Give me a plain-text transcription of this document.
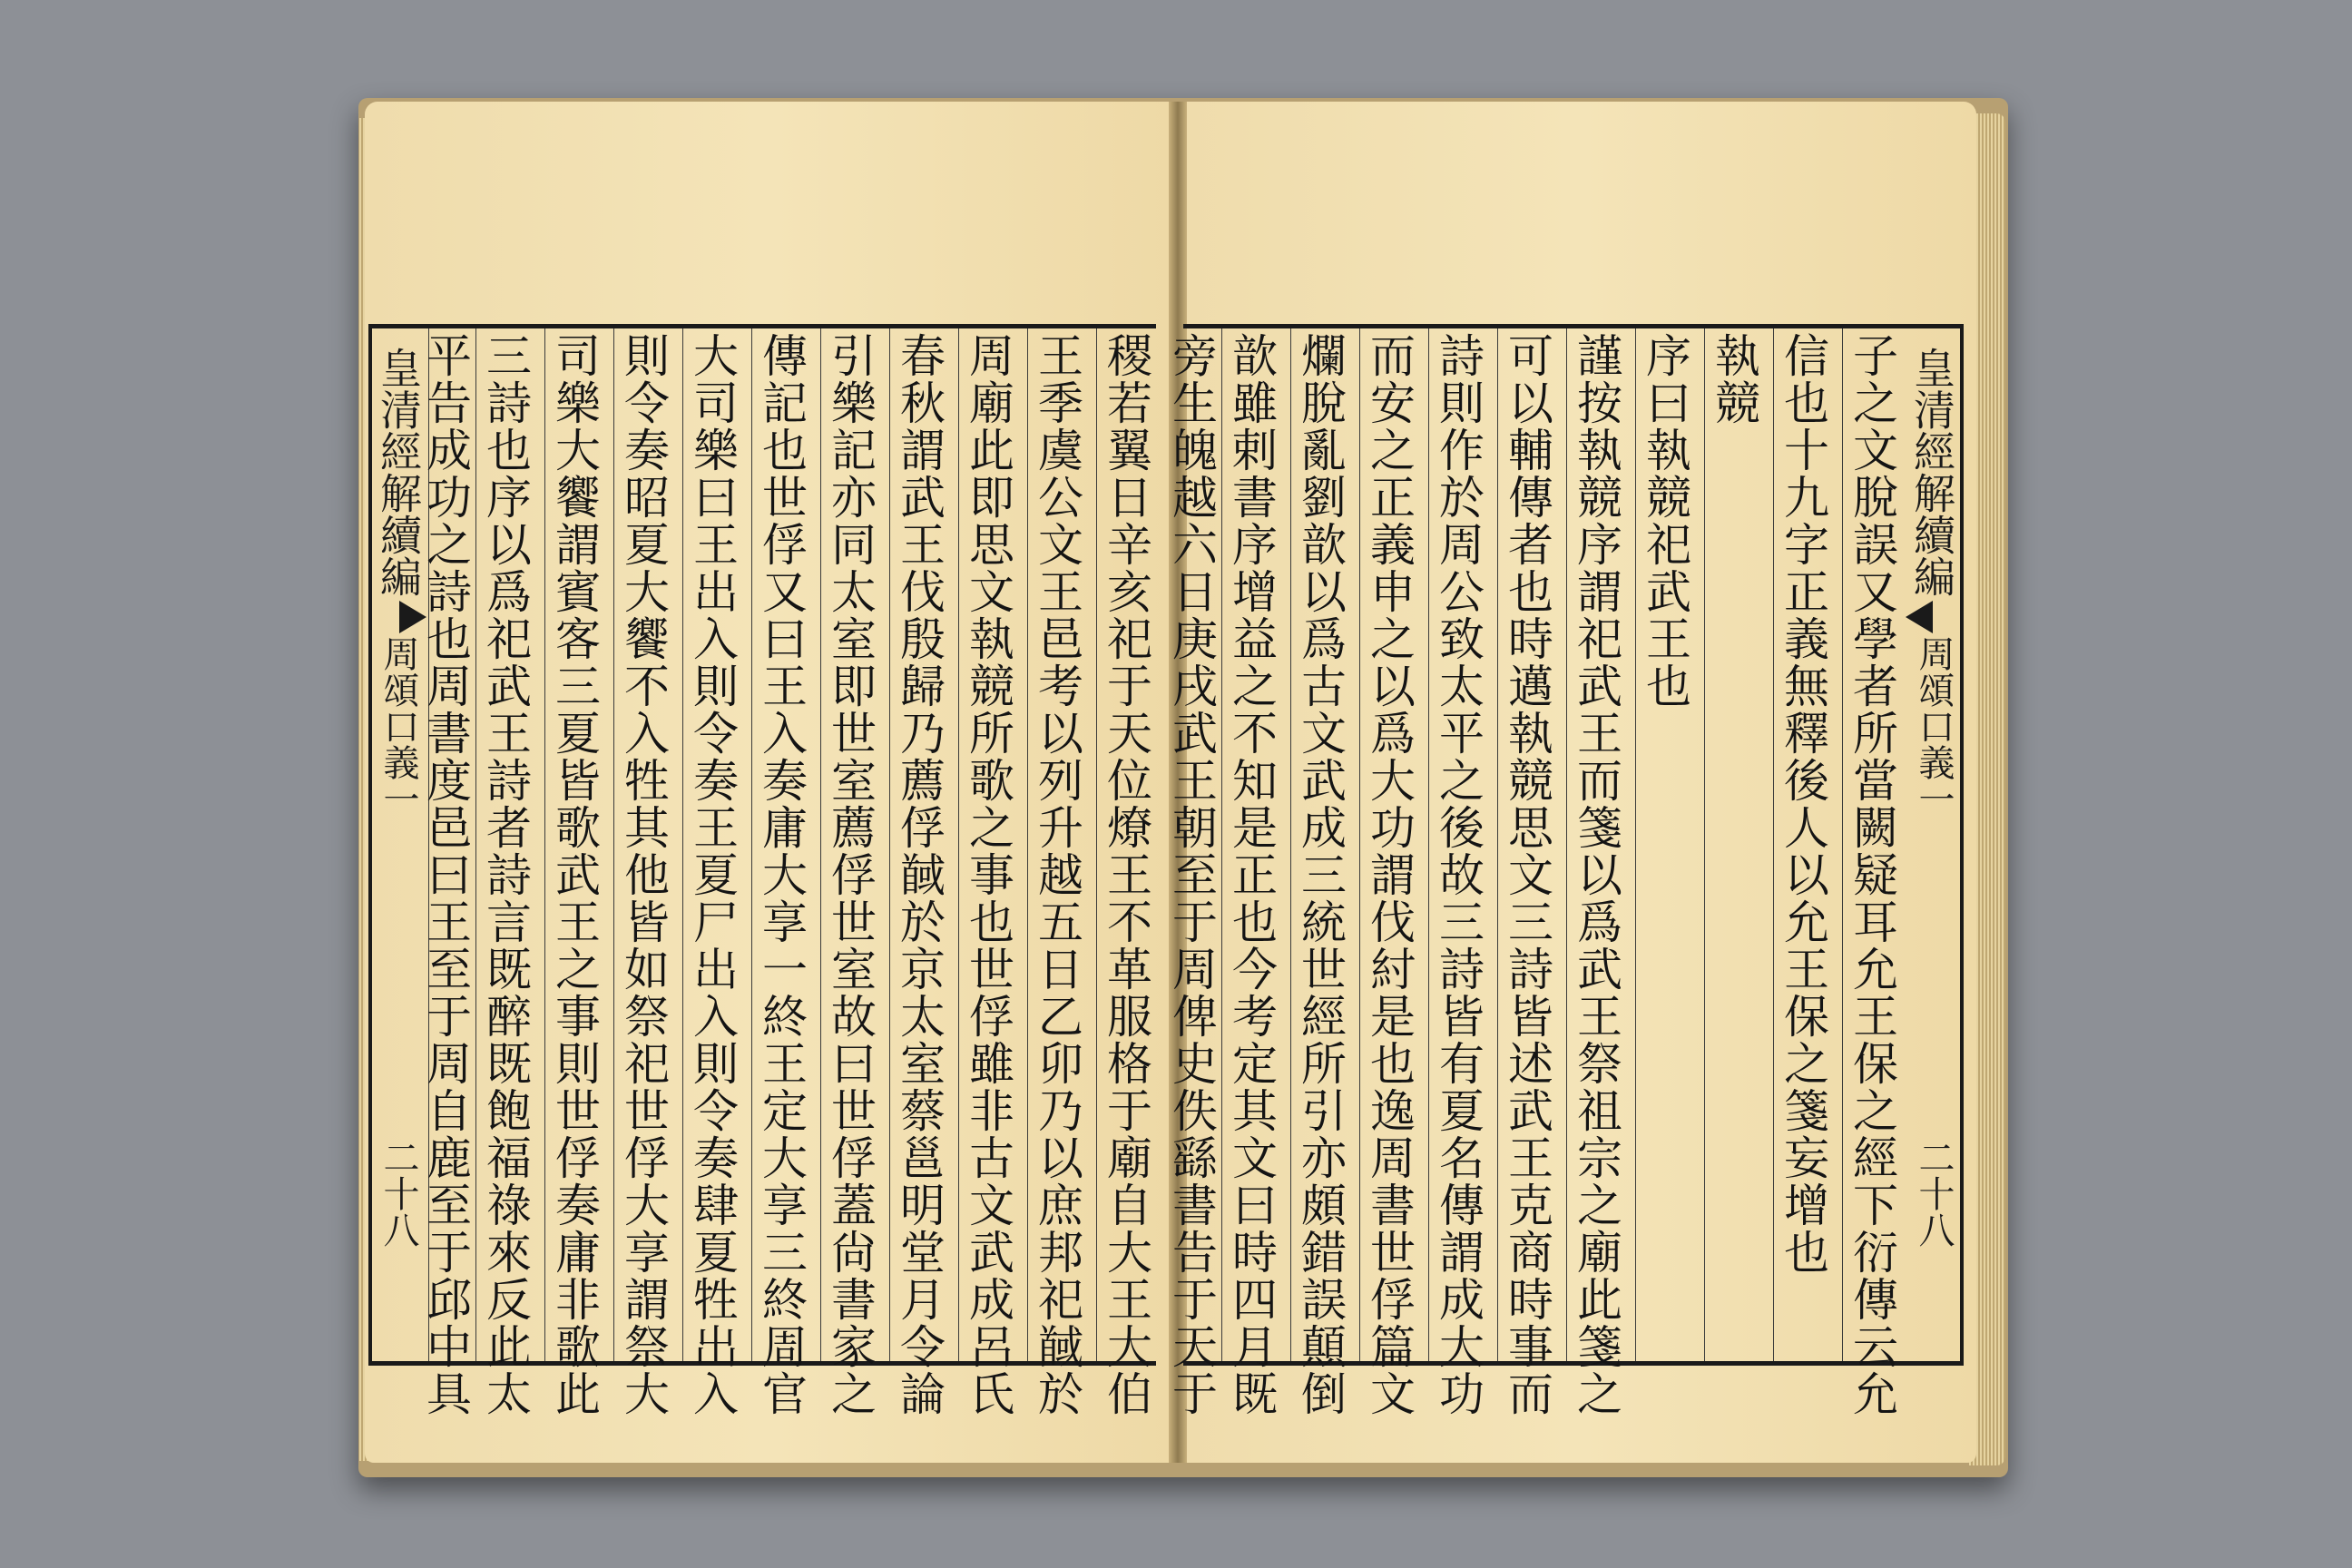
皇清經解續編
周頌口義一
二十八	稷若翼日辛亥祀于天位燎王不革服格于廟自大王大伯
王季虞公文王邑考以列升越五日乙卯乃以庶邦祀馘於
周廟此即思文執競所歌之事也世俘雖非古文武成呂氏
春秋謂武王伐殷歸乃薦俘馘於京太室蔡邕明堂月令論
引樂記亦同太室即世室薦俘世室故曰世俘蓋尙書家之
傳記也世俘又曰王入奏庸大享一終王定大享三終周官
大司樂曰王出入則令奏王夏尸出入則令奏肆夏牲出入
則令奏昭夏大饗不入牲其他皆如祭祀世俘大享謂祭大
司樂大饗謂賓客三夏皆歌武王之事則世俘奏庸非歌此
三詩也序以爲祀武王詩者詩言既醉既飽福祿來反此太
平告成功之詩也周書度邑曰王至于周自鹿至于邱中具	子之文脫誤又學者所當闕疑耳允王保之經下衍傳云允
信也十九字正義無釋後人以允王保之箋妄增也
執競
序曰執競祀武王也
謹按執競序謂祀武王而箋以爲武王祭祖宗之廟此箋之
可以輔傳者也時邁執競思文三詩皆述武王克商時事而
詩則作於周公致太平之後故三詩皆有夏名傳謂成大功
而安之正義申之以爲大功謂伐紂是也逸周書世俘篇文
爛脫亂劉歆以爲古文武成三統世經所引亦頗錯誤顛倒
歆雖剌書序增益之不知是正也今考定其文曰時四月既
旁生魄越六日庚戌武王朝至于周俾史佚繇書告于天于	皇清經解續編
周頌口義一
二十八
